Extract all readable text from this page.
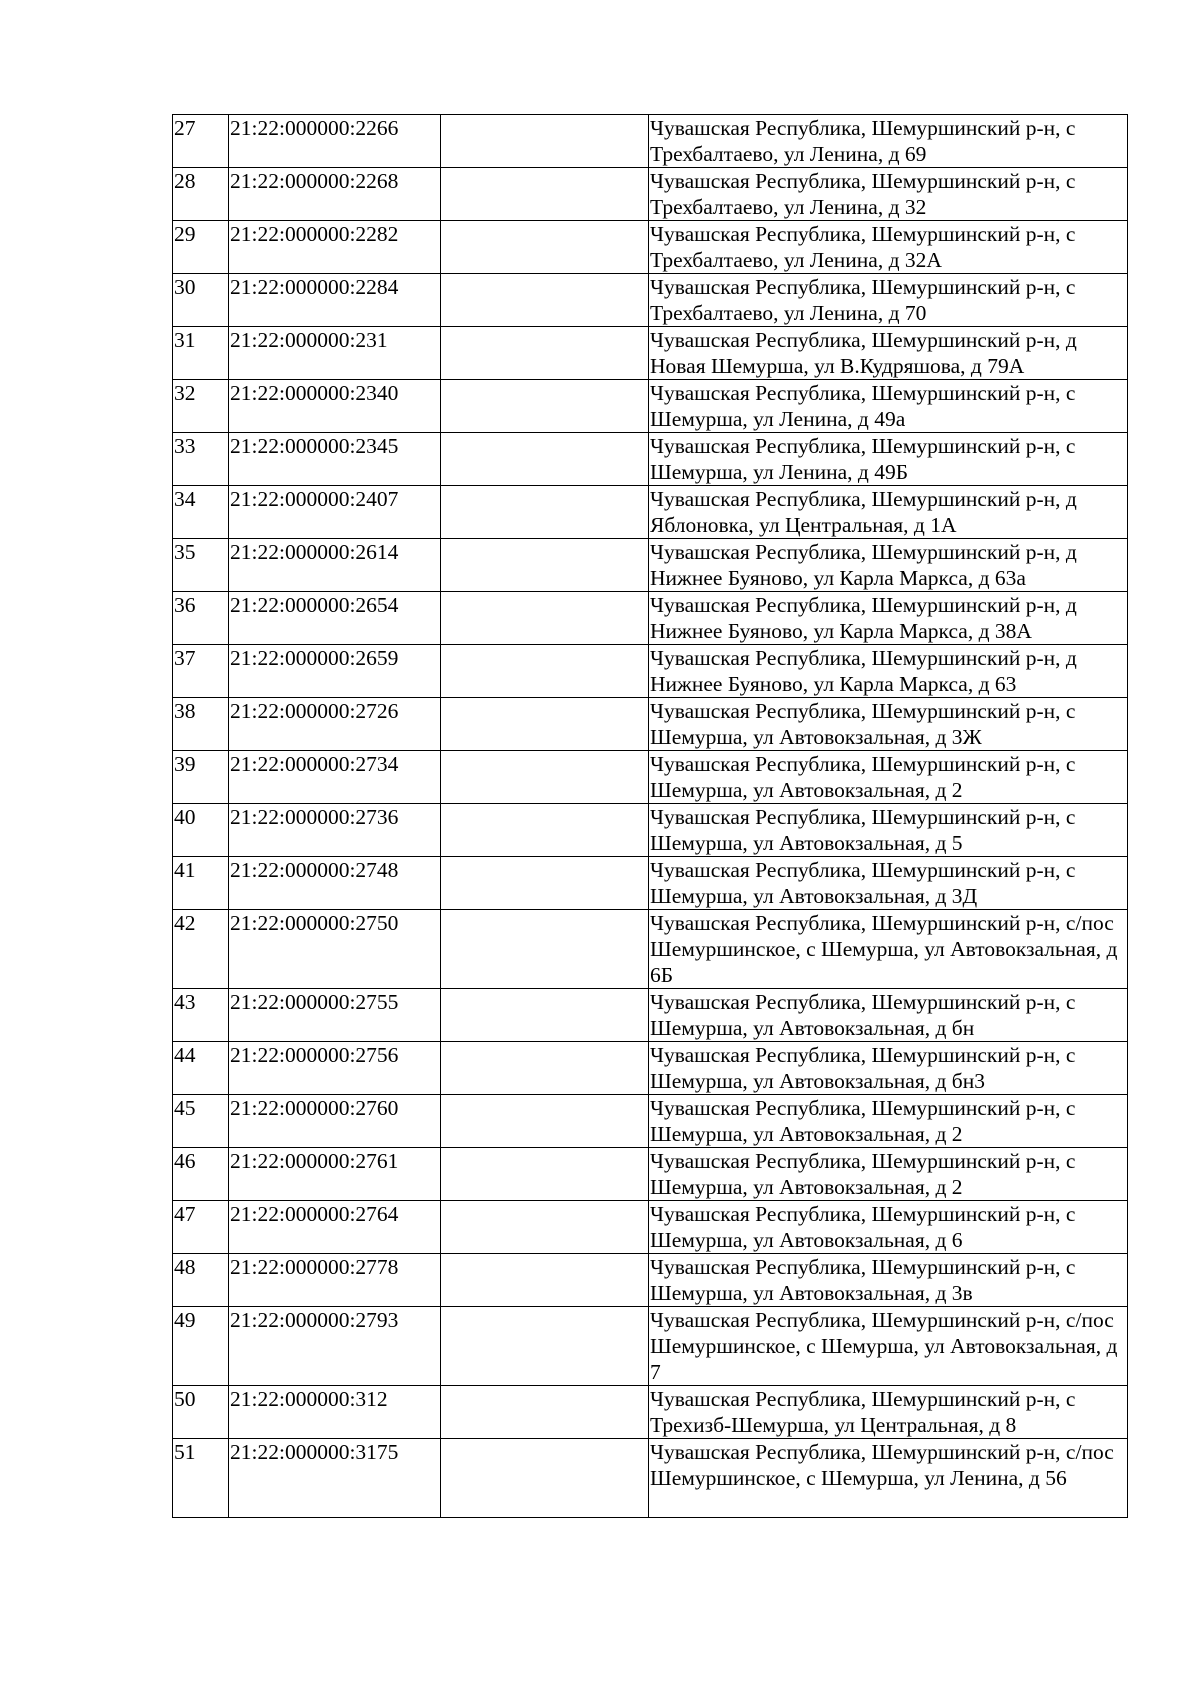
27	21:22:000000:2266		Чувашская Республика, Шемуршинский р-н, с Трехбалтаево, ул Ленина, д 69
28	21:22:000000:2268		Чувашская Республика, Шемуршинский р-н, с Трехбалтаево, ул Ленина, д 32
29	21:22:000000:2282		Чувашская Республика, Шемуршинский р-н, с Трехбалтаево, ул Ленина, д 32А
30	21:22:000000:2284		Чувашская Республика, Шемуршинский р-н, с Трехбалтаево, ул Ленина, д 70
31	21:22:000000:231		Чувашская Республика, Шемуршинский р-н, д Новая Шемурша, ул В.Кудряшова, д 79А
32	21:22:000000:2340		Чувашская Республика, Шемуршинский р-н, с Шемурша, ул Ленина, д 49а
33	21:22:000000:2345		Чувашская Республика, Шемуршинский р-н, с Шемурша, ул Ленина, д 49Б
34	21:22:000000:2407		Чувашская Республика, Шемуршинский р-н, д Яблоновка, ул Центральная, д 1А
35	21:22:000000:2614		Чувашская Республика, Шемуршинский р-н, д Нижнее Буяново, ул Карла Маркса, д 63а
36	21:22:000000:2654		Чувашская Республика, Шемуршинский р-н, д Нижнее Буяново, ул Карла Маркса, д 38А
37	21:22:000000:2659		Чувашская Республика, Шемуршинский р-н, д Нижнее Буяново, ул Карла Маркса, д 63
38	21:22:000000:2726		Чувашская Республика, Шемуршинский р-н, с Шемурша, ул Автовокзальная, д 3Ж
39	21:22:000000:2734		Чувашская Республика, Шемуршинский р-н, с Шемурша, ул Автовокзальная, д 2
40	21:22:000000:2736		Чувашская Республика, Шемуршинский р-н, с Шемурша, ул Автовокзальная, д 5
41	21:22:000000:2748		Чувашская Республика, Шемуршинский р-н, с Шемурша, ул Автовокзальная, д 3Д
42	21:22:000000:2750		Чувашская Республика, Шемуршинский р-н, с/пос Шемуршинское, с Шемурша, ул Автовокзальная, д 6Б
43	21:22:000000:2755		Чувашская Республика, Шемуршинский р-н, с Шемурша, ул Автовокзальная, д бн
44	21:22:000000:2756		Чувашская Республика, Шемуршинский р-н, с Шемурша, ул Автовокзальная, д бн3
45	21:22:000000:2760		Чувашская Республика, Шемуршинский р-н, с Шемурша, ул Автовокзальная, д 2
46	21:22:000000:2761		Чувашская Республика, Шемуршинский р-н, с Шемурша, ул Автовокзальная, д 2
47	21:22:000000:2764		Чувашская Республика, Шемуршинский р-н, с Шемурша, ул Автовокзальная, д 6
48	21:22:000000:2778		Чувашская Республика, Шемуршинский р-н, с Шемурша, ул Автовокзальная, д 3в
49	21:22:000000:2793		Чувашская Республика, Шемуршинский р-н, с/пос Шемуршинское, с Шемурша, ул Автовокзальная, д 7
50	21:22:000000:312		Чувашская Республика, Шемуршинский р-н, с Трехизб-Шемурша, ул Центральная, д 8
51	21:22:000000:3175		Чувашская Республика, Шемуршинский р-н, с/пос Шемуршинское, с Шемурша, ул Ленина, д 56
